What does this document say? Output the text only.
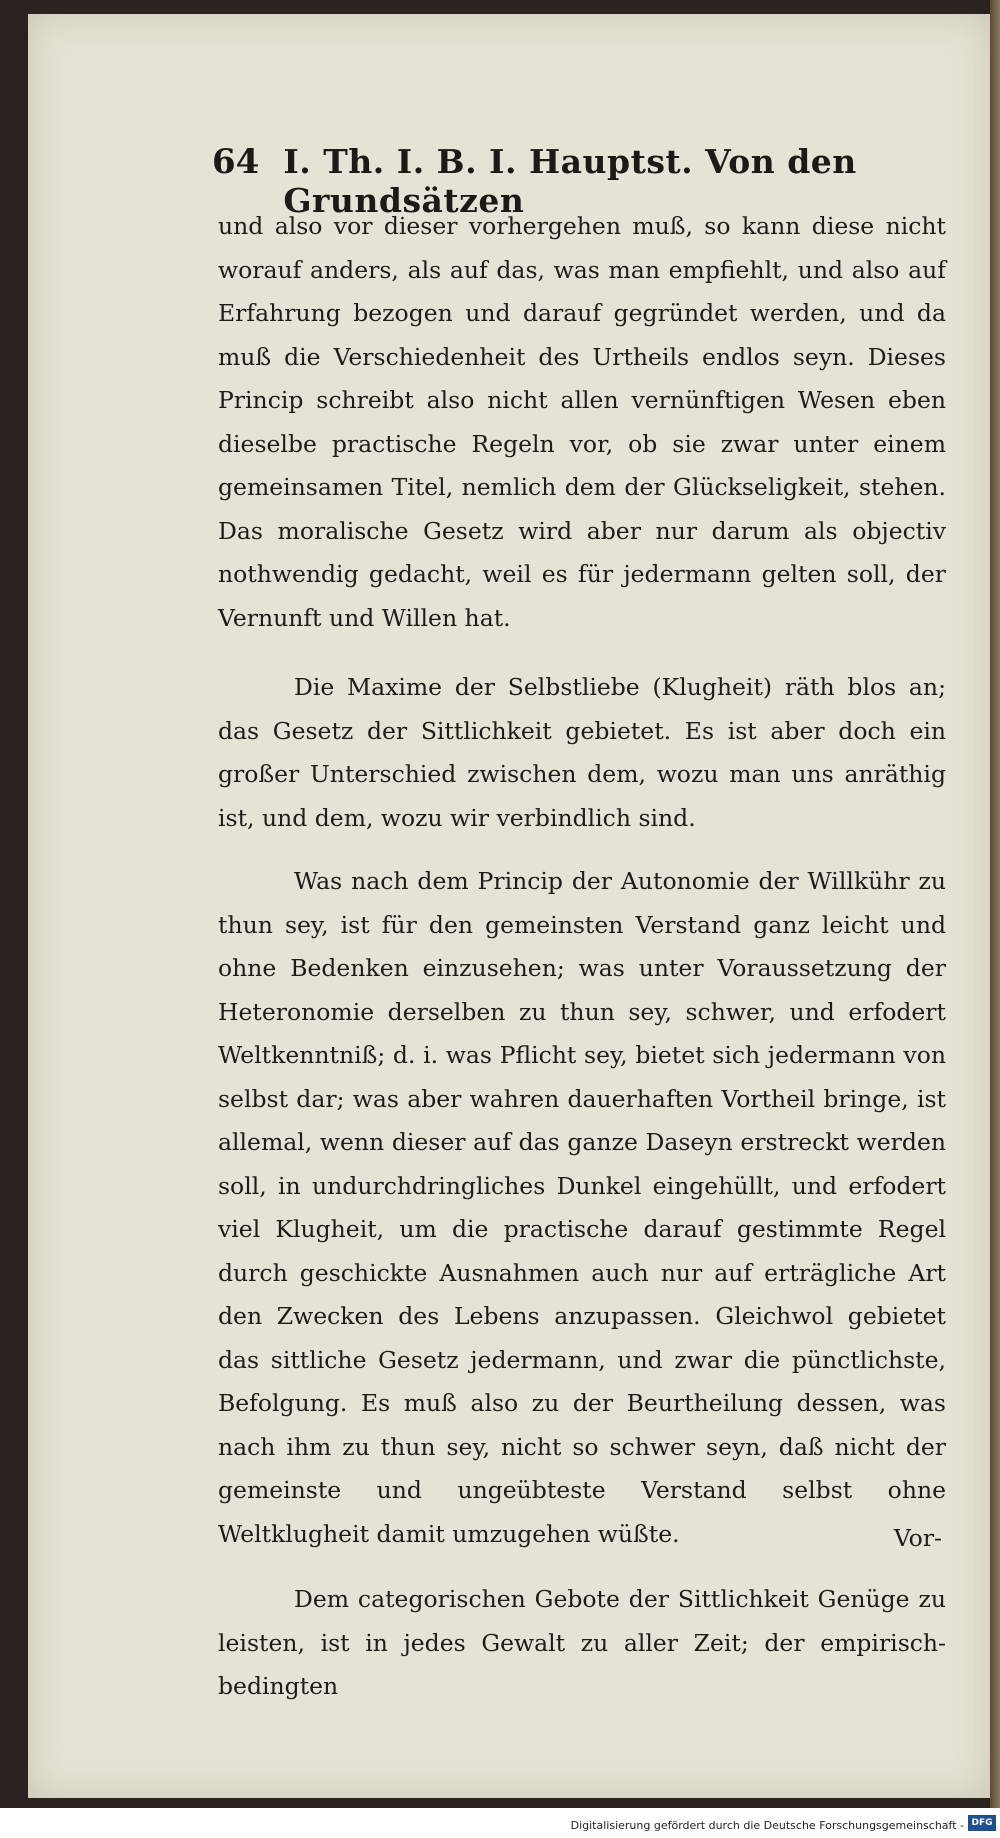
64 I. Th. I. B. I. Hauptst. Von den Grundsätzen

und also vor dieser vorhergehen muß, so kann diese nicht worauf anders, als auf das, was man empfiehlt, und also auf Erfahrung bezogen und darauf gegründet werden, und da muß die Verschiedenheit des Urtheils endlos seyn. Dieses Princip schreibt also nicht allen vernünftigen Wesen eben dieselbe practische Regeln vor, ob sie zwar unter einem gemeinsamen Titel, nemlich dem der Glückseligkeit, stehen. Das moralische Gesetz wird aber nur darum als objectiv nothwendig gedacht, weil es für jedermann gelten soll, der Vernunft und Willen hat.

Die Maxime der Selbstliebe (Klugheit) räth blos an; das Gesetz der Sittlichkeit gebietet. Es ist aber doch ein großer Unterschied zwischen dem, wozu man uns anräthig ist, und dem, wozu wir verbindlich sind.

Was nach dem Princip der Autonomie der Willkühr zu thun sey, ist für den gemeinsten Verstand ganz leicht und ohne Bedenken einzusehen; was unter Voraussetzung der Heteronomie derselben zu thun sey, schwer, und erfodert Weltkenntniß; d. i. was Pflicht sey, bietet sich jedermann von selbst dar; was aber wahren dauerhaften Vortheil bringe, ist allemal, wenn dieser auf das ganze Daseyn erstreckt werden soll, in undurchdringliches Dunkel eingehüllt, und erfodert viel Klugheit, um die practische darauf gestimmte Regel durch geschickte Ausnahmen auch nur auf erträgliche Art den Zwecken des Lebens anzupassen. Gleichwol gebietet das sittliche Gesetz jedermann, und zwar die pünctlichste, Befolgung. Es muß also zu der Beurtheilung dessen, was nach ihm zu thun sey, nicht so schwer seyn, daß nicht der gemeinste und ungeübteste Verstand selbst ohne Weltklugheit damit umzugehen wüßte.

Dem categorischen Gebote der Sittlichkeit Genüge zu leisten, ist in jedes Gewalt zu aller Zeit; der empirisch-bedingten

Vor-
Digitalisierung gefördert durch die Deutsche Forschungsgemeinschaft - DFG
